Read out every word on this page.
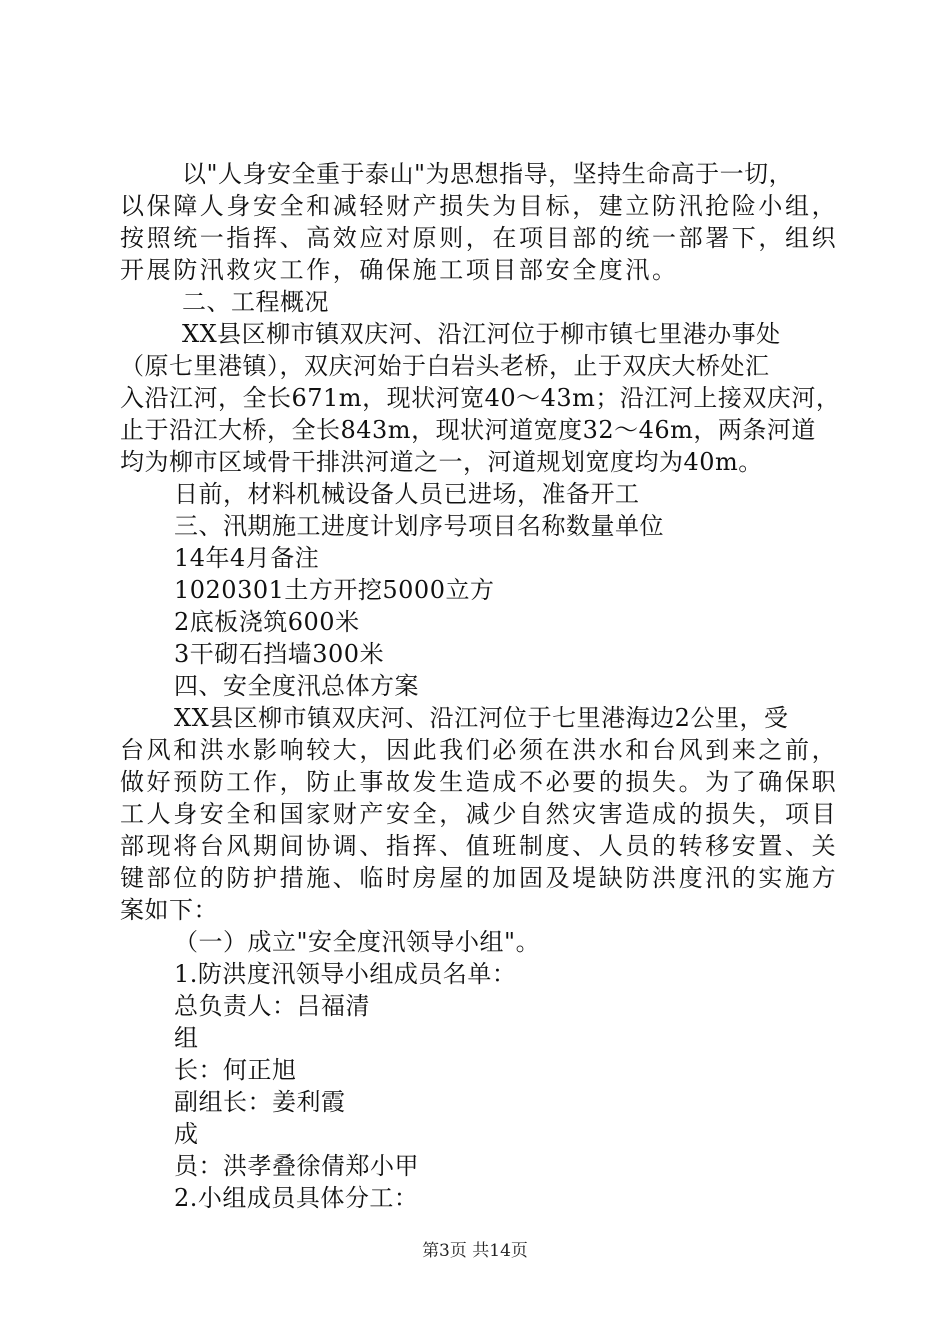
以"人身安全重于泰山"为思想指导，坚持生命高于一切，
以保障人身安全和减轻财产损失为目标，建立防汛抢险小组，
按照统一指挥、高效应对原则，在项目部的统一部署下，组织
开展防汛救灾工作，确保施工项目部安全度汛。
二、工程概况
XX县区柳市镇双庆河、沿江河位于柳市镇七里港办事处
（原七里港镇），双庆河始于白岩头老桥，止于双庆大桥处汇
入沿江河，全长671m，现状河宽40～43m；沿江河上接双庆河，
止于沿江大桥，全长843m，现状河道宽度32～46m，两条河道
均为柳市区域骨干排洪河道之一，河道规划宽度均为40m。
日前，材料机械设备人员已进场，准备开工
三、汛期施工进度计划序号项目名称数量单位
14年4月备注
1020301土方开挖5000立方
2底板浇筑600米
3干砌石挡墙300米
四、安全度汛总体方案
XX县区柳市镇双庆河、沿江河位于七里港海边2公里，受
台风和洪水影响较大，因此我们必须在洪水和台风到来之前，
做好预防工作，防止事故发生造成不必要的损失。为了确保职
工人身安全和国家财产安全，减少自然灾害造成的损失，项目
部现将台风期间协调、指挥、值班制度、人员的转移安置、关
键部位的防护措施、临时房屋的加固及堤缺防洪度汛的实施方
案如下：
（一）成立"安全度汛领导小组"。
1.防洪度汛领导小组成员名单：
总负责人：吕福清
组
长：何正旭
副组长：姜利霞
成
员：洪孝叠徐倩郑小甲
2.小组成员具体分工：
第3页 共14页
